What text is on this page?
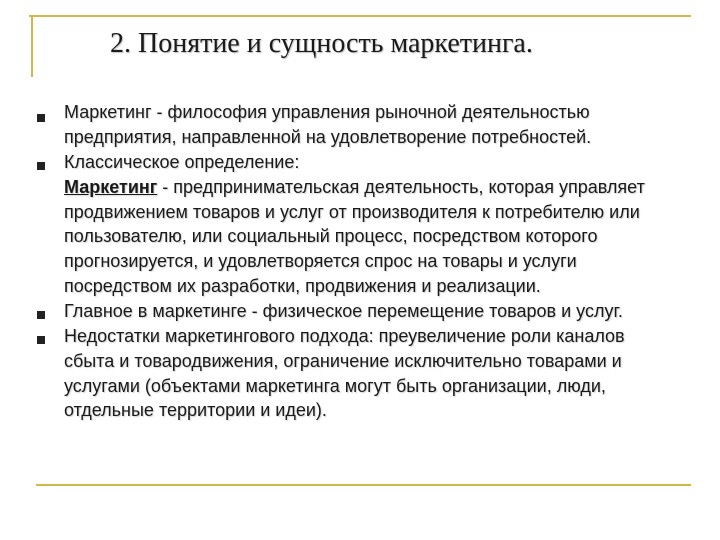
2. Понятие и сущность маркетинга.
Маркетинг - философия управления рыночной деятельностью
предприятия, направленной на удовлетворение потребностей.
Классическое определение:
Маркетинг - предпринимательская деятельность, которая управляет
продвижением товаров и услуг от производителя к потребителю или
пользователю, или социальный процесс, посредством которого
прогнозируется, и удовлетворяется спрос на товары и услуги
посредством их разработки, продвижения и реализации.
Главное в маркетинге - физическое перемещение товаров и услуг.
Недостатки маркетингового подхода: преувеличение роли каналов
сбыта и товародвижения, ограничение исключительно товарами и
услугами (объектами маркетинга могут быть организации, люди,
отдельные территории и идеи).
